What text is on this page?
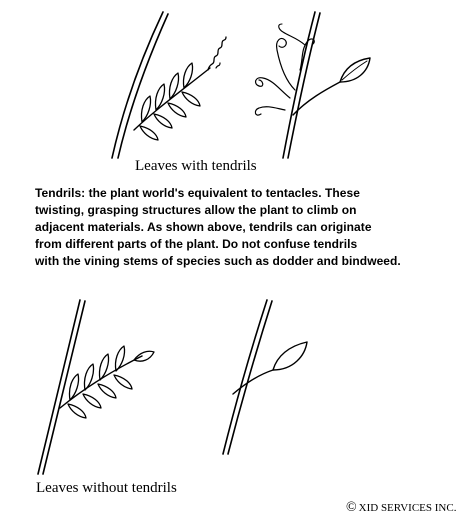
Leaves with tendrils
Tendrils: the plant world's equivalent to tentacles. These
twisting, grasping structures allow the plant to climb on
adjacent materials. As shown above, tendrils can originate
from different parts of the plant. Do not confuse tendrils
with the vining stems of species such as dodder and bindweed.
Leaves without tendrils
© XID SERVICES INC.
